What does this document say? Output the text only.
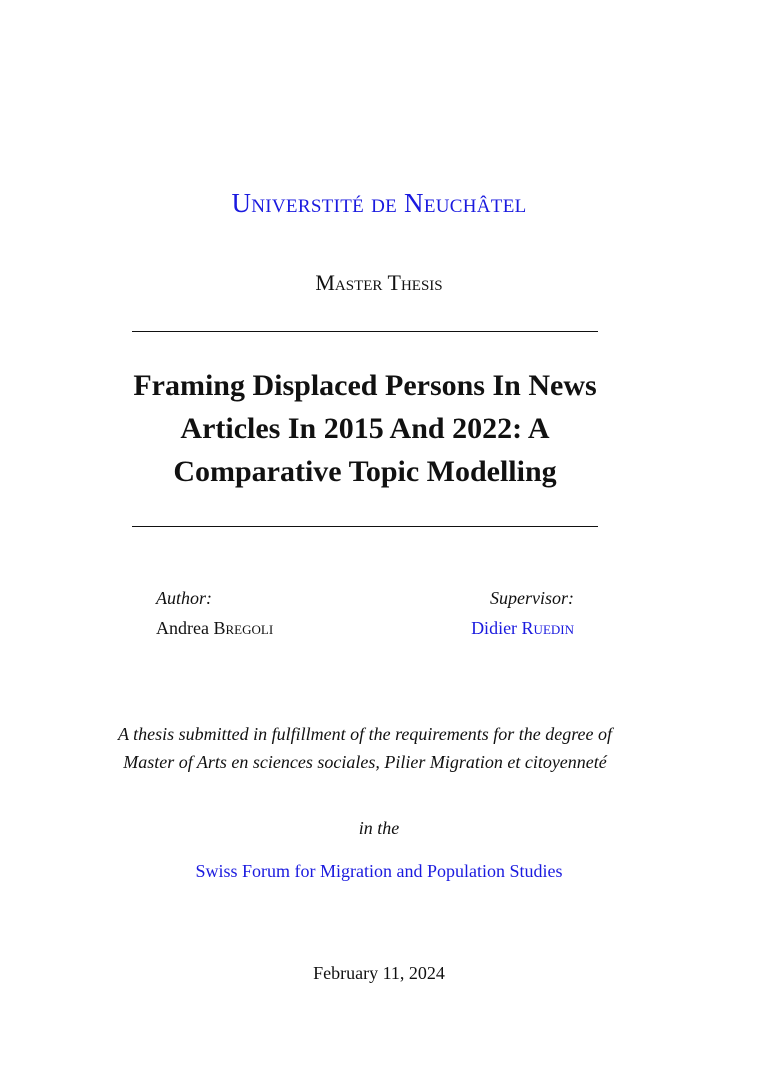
Universtité de Neuchâtel
Master Thesis
Framing Displaced Persons In News Articles In 2015 And 2022: A Comparative Topic Modelling
Author:
Andrea Bregoli
Supervisor:
Didier Ruedin
A thesis submitted in fulfillment of the requirements for the degree of Master of Arts en sciences sociales, Pilier Migration et citoyenneté
in the
Swiss Forum for Migration and Population Studies
February 11, 2024
